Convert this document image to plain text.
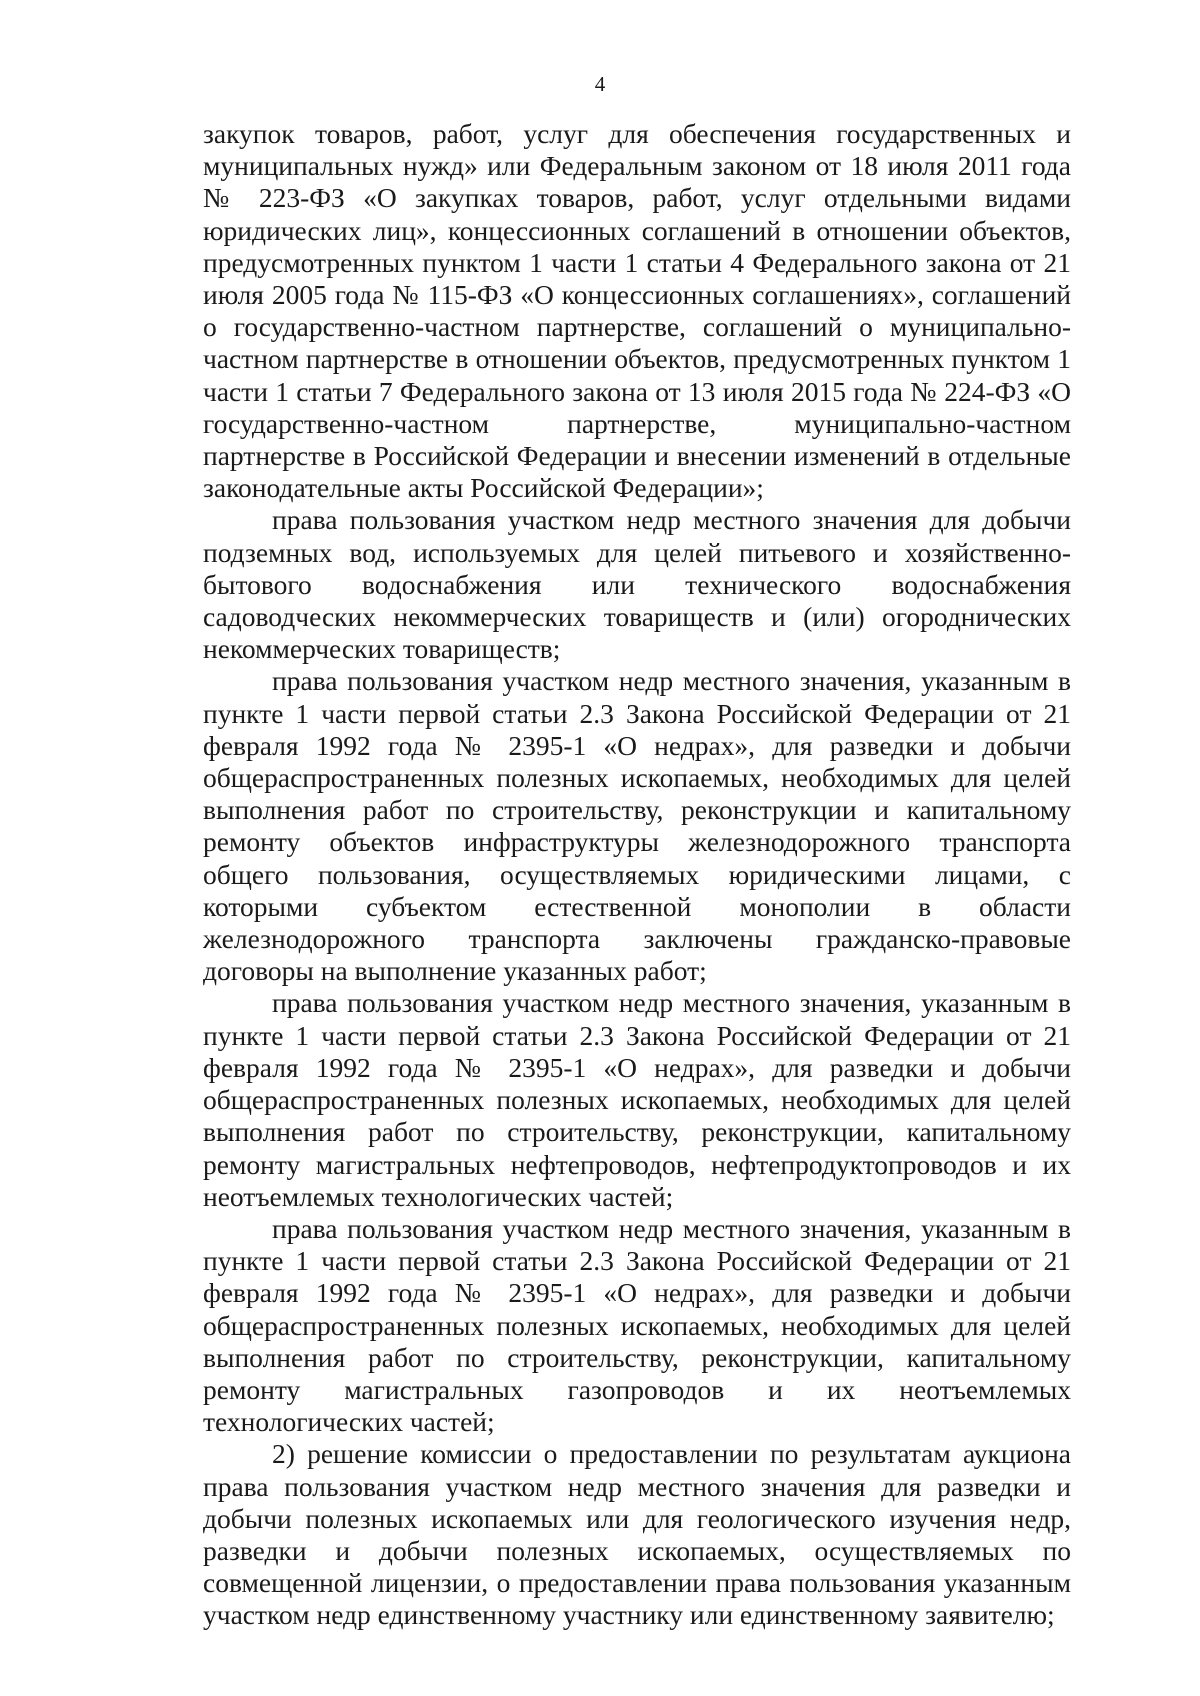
4

закупок товаров, работ, услуг для обеспечения государственных и муниципальных нужд» или Федеральным законом от 18 июля 2011 года № 223-ФЗ «О закупках товаров, работ, услуг отдельными видами юридических лиц», концессионных соглашений в отношении объектов, предусмотренных пунктом 1 части 1 статьи 4 Федерального закона от 21 июля 2005 года № 115-ФЗ «О концессионных соглашениях», соглашений о государственно-частном партнерстве, соглашений о муниципально-частном партнерстве в отношении объектов, предусмотренных пунктом 1 части 1 статьи 7 Федерального закона от 13 июля 2015 года № 224-ФЗ «О государственно-частном партнерстве, муниципально-частном партнерстве в Российской Федерации и внесении изменений в отдельные законодательные акты Российской Федерации»;

права пользования участком недр местного значения для добычи подземных вод, используемых для целей питьевого и хозяйственно-бытового водоснабжения или технического водоснабжения садоводческих некоммерческих товариществ и (или) огороднических некоммерческих товариществ;

права пользования участком недр местного значения, указанным в пункте 1 части первой статьи 2.3 Закона Российской Федерации от 21 февраля 1992 года № 2395-1 «О недрах», для разведки и добычи общераспространенных полезных ископаемых, необходимых для целей выполнения работ по строительству, реконструкции и капитальному ремонту объектов инфраструктуры железнодорожного транспорта общего пользования, осуществляемых юридическими лицами, с которыми субъектом естественной монополии в области железнодорожного транспорта заключены гражданско-правовые договоры на выполнение указанных работ;

права пользования участком недр местного значения, указанным в пункте 1 части первой статьи 2.3 Закона Российской Федерации от 21 февраля 1992 года № 2395-1 «О недрах», для разведки и добычи общераспространенных полезных ископаемых, необходимых для целей выполнения работ по строительству, реконструкции, капитальному ремонту магистральных нефтепроводов, нефтепродуктопроводов и их неотъемлемых технологических частей;

права пользования участком недр местного значения, указанным в пункте 1 части первой статьи 2.3 Закона Российской Федерации от 21 февраля 1992 года № 2395-1 «О недрах», для разведки и добычи общераспространенных полезных ископаемых, необходимых для целей выполнения работ по строительству, реконструкции, капитальному ремонту магистральных газопроводов и их неотъемлемых технологических частей;

2) решение комиссии о предоставлении по результатам аукциона права пользования участком недр местного значения для разведки и добычи полезных ископаемых или для геологического изучения недр, разведки и добычи полезных ископаемых, осуществляемых по совмещенной лицензии, о предоставлении права пользования указанным участком недр единственному участнику или единственному заявителю;
